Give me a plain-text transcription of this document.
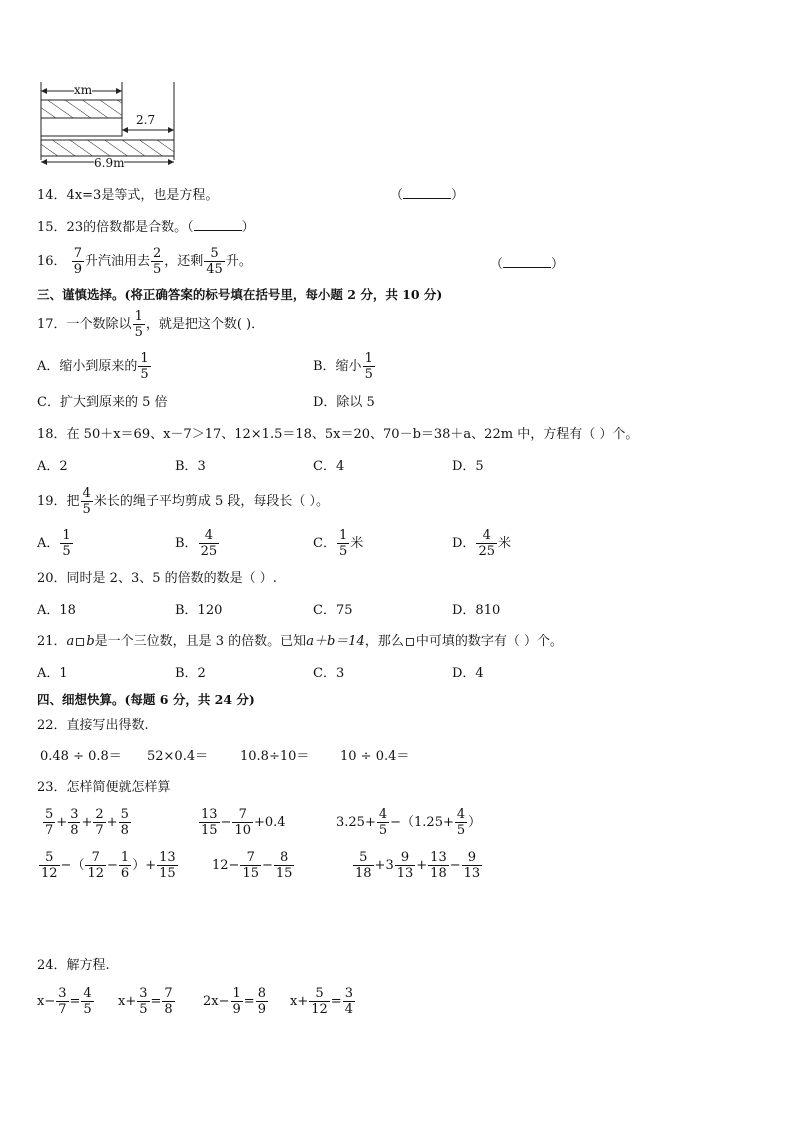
xm
2.7
6.9m
14．4x=3是等式，也是方程。	（	）
15．23的倍数都是合数。（	）
16． $\frac{7}{9}$ 升汽油用去 $\frac{2}{5}$ ，还剩 $\frac{5}{45}$ 升。	（	）
三、谨慎选择。(将正确答案的标号填在括号里，每小题 2 分，共 10 分)
17．一个数除以 $\frac{1}{5}$ ，就是把这个数( )．
A．缩小到原来的 $\frac{1}{5}$	B．缩小 $\frac{1}{5}$
C．扩大到原来的 5 倍	D．除以 5
18．在 50＋x＝69、x－7＞17、12×1.5＝18、5x＝20、70－b＝38＋a、22m 中，方程有（ ）个。
A．2	B．3	C．4	D．5
19．把 $\frac{4}{5}$ 米长的绳子平均剪成 5 段，每段长（ ）。
A． $\frac{1}{5}$	B． $\frac{4}{25}$	C． $\frac{1}{5}$ 米	D． $\frac{4}{25}$ 米
20．同时是 2、3、5 的倍数的数是（ ）.
A．18	B．120	C．75	D．810
21．a b是一个三位数，且是 3 的倍数。已知a＋b＝14，那么 中可填的数字有（ ）个。
A．1	B．2	C．3	D．4
四、细想快算。(每题 6 分，共 24 分)
22．直接写出得数.
0.48 ÷ 0.8＝ 52×0.4＝ 10.8÷10＝ 10 ÷ 0.4＝
23．怎样简便就怎样算
$\frac{5}{7} + \frac{3}{8} + \frac{2}{7} + \frac{5}{8}$	$\frac{13}{15} - \frac{7}{10} +0.4$	$3.25+ \frac{4}{5} -(1.25+ \frac{4}{5}$ ）
$\frac{5}{12}$ −（ $\frac{7}{12} - \frac{1}{6}$ ）+ $\frac{13}{15}$	$12- \frac{7}{15} - \frac{8}{15}$	$\frac{5}{18} +3 \frac{9}{13} + \frac{13}{18} - \frac{9}{13}$
24．解方程.
$x- \frac{3}{7} = \frac{4}{5} x+ \frac{3}{5} = \frac{7}{8} 2x- \frac{1}{9} = \frac{8}{9} x+ \frac{5}{12} = \frac{3}{4}$
